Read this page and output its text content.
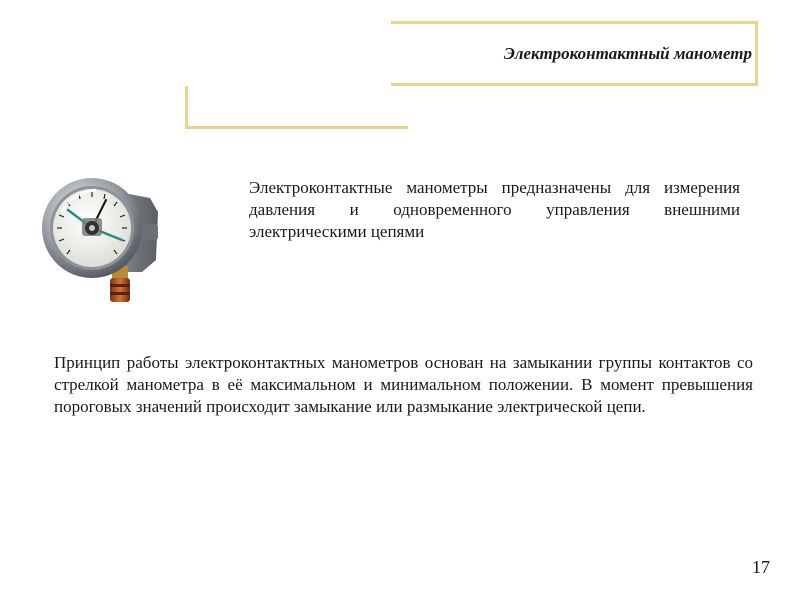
Электроконтактный манометр

Электроконтактные манометры предназначены для измерения давления и одновременного управления внешними электрическими цепями

Принцип работы электроконтактных манометров основан на замыкании группы контактов со стрелкой манометра в её максимальном и минимальном положении. В момент превышения пороговых значений происходит замыкание или размыкание электрической цепи.

17
